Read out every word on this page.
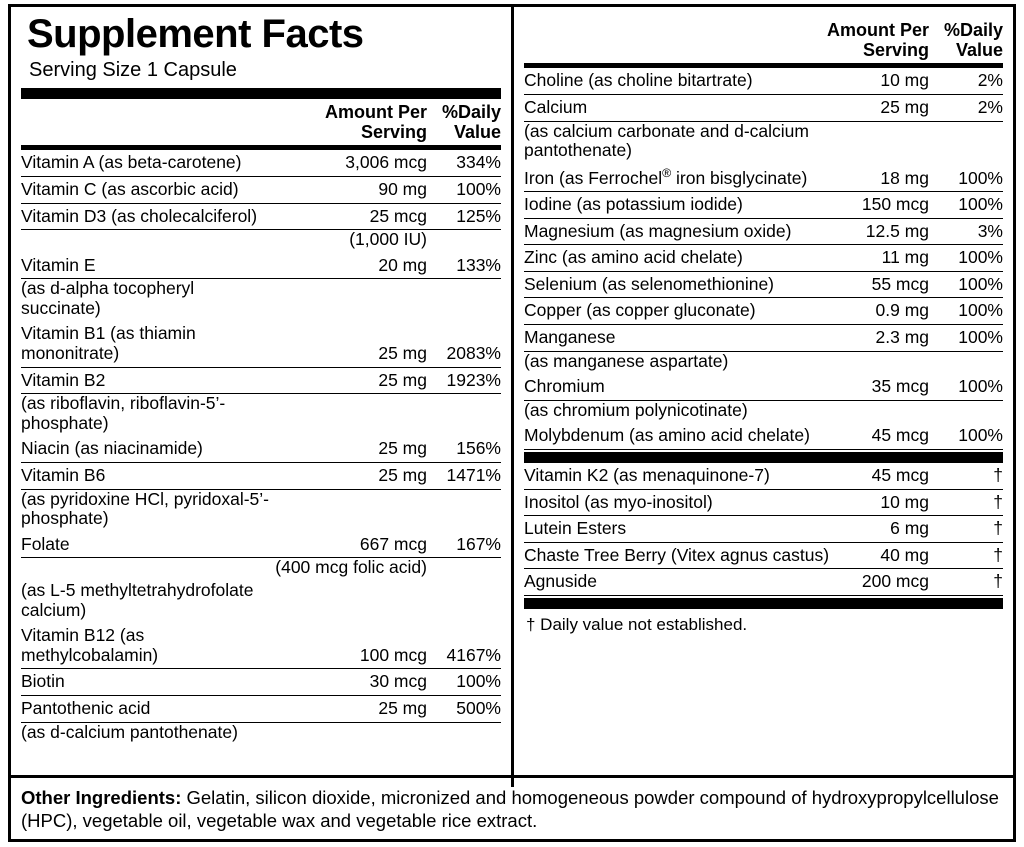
Supplement Facts
Serving Size 1 Capsule
	Amount Per
Serving	%Daily
Value
Vitamin A (as beta-carotene)	3,006 mcg	334%
Vitamin C (as ascorbic acid)	90 mg	100%
Vitamin D3 (as cholecalciferol)	25 mcg	125%
	(1,000 IU)	
Vitamin E	20 mg	133%
(as d-alpha tocopheryl succinate)		
Vitamin B1 (as thiamin mononitrate)	25 mg	2083%
Vitamin B2	25 mg	1923%
(as riboflavin, riboflavin-5’-phosphate)		
Niacin (as niacinamide)	25 mg	156%
Vitamin B6	25 mg	1471%
(as pyridoxine HCl, pyridoxal-5’-phosphate)		
Folate	667 mcg	167%
	(400 mcg folic acid)	
(as L-5 methyltetrahydrofolate calcium)		
Vitamin B12 (as methylcobalamin)	100 mcg	4167%
Biotin	30 mcg	100%
Pantothenic acid	25 mg	500%
(as d-calcium pantothenate)		
	Amount Per
Serving	%Daily
Value
Choline (as choline bitartrate)	10 mg	2%
Calcium	25 mg	2%
(as calcium carbonate and d-calcium pantothenate)		
Iron (as Ferrochel® iron bisglycinate)	18 mg	100%
Iodine (as potassium iodide)	150 mcg	100%
Magnesium (as magnesium oxide)	12.5 mg	3%
Zinc (as amino acid chelate)	11 mg	100%
Selenium (as selenomethionine)	55 mcg	100%
Copper (as copper gluconate)	0.9 mg	100%
Manganese	2.3 mg	100%
(as manganese aspartate)		
Chromium	35 mcg	100%
(as chromium polynicotinate)		
Molybdenum (as amino acid chelate)	45 mcg	100%
Vitamin K2 (as menaquinone-7)	45 mcg	†
Inositol (as myo-inositol)	10 mg	†
Lutein Esters	6 mg	†
Chaste Tree Berry (Vitex agnus castus)	40 mg	†
Agnuside	200 mcg	†
† Daily value not established.
Other Ingredients: Gelatin, silicon dioxide, micronized and homogeneous powder compound of hydroxypropylcellulose (HPC), vegetable oil, vegetable wax and vegetable rice extract.
